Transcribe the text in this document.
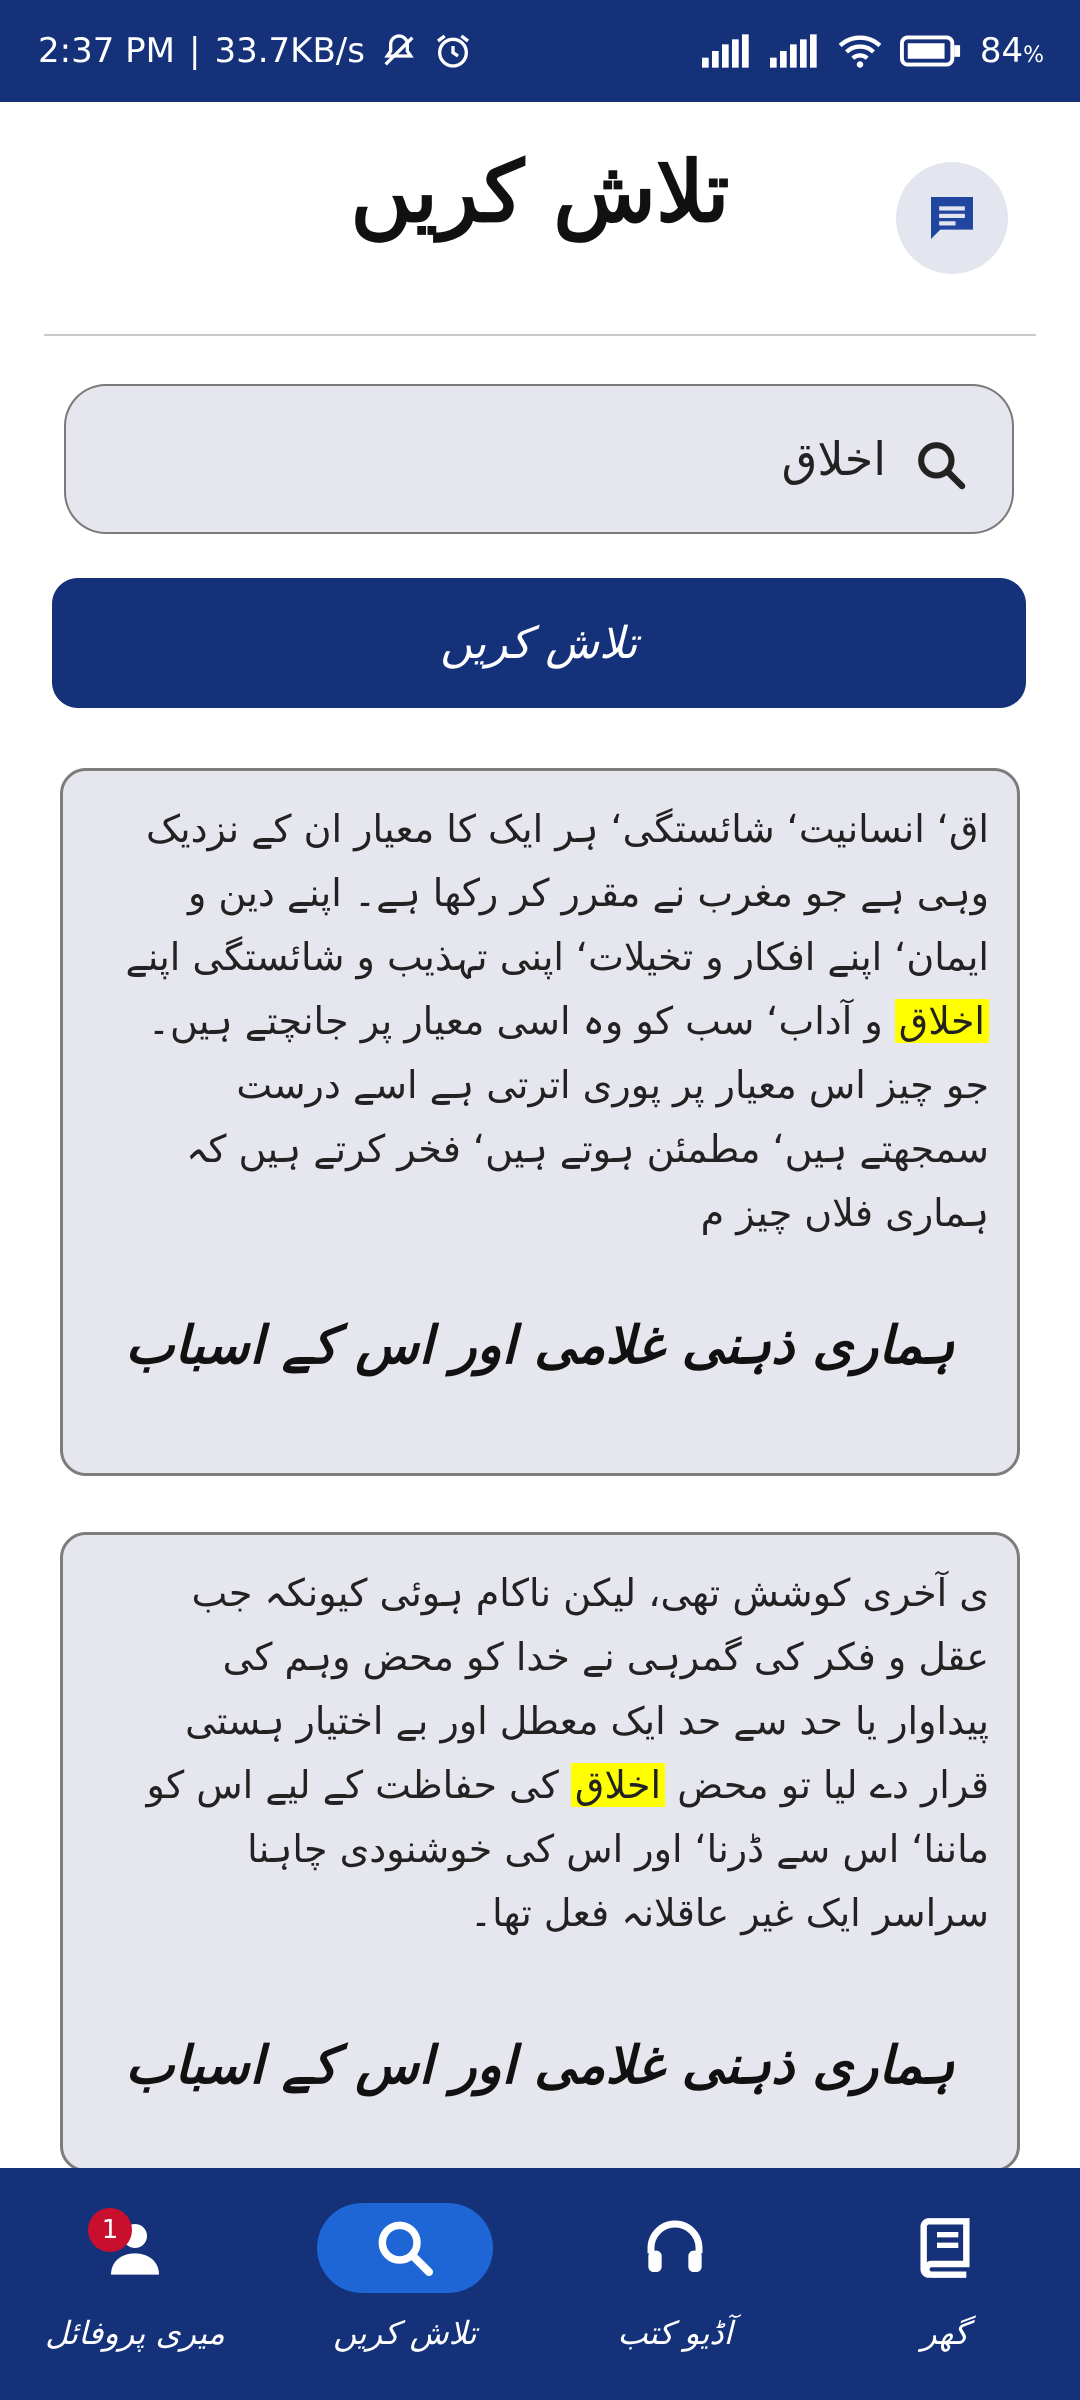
2:37 PM | 33.7KB/s	84%
تلاش کریں
اخلاق
تلاش کریں
اق‘ انسانیت‘ شائستگی‘ ہر ایک کا معیار ان کے نزدیک وہی ہے جو مغرب نے مقرر کر رکھا ہے۔ اپنے دین و ایمان‘ اپنے افکار و تخیلات‘ اپنی تہذیب و شائستگی اپنے اخلاق و آداب‘ سب کو وہ اسی معیار پر جانچتے ہیں۔ جو چیز اس معیار پر پوری اترتی ہے اسے درست سمجھتے ہیں‘ مطمئن ہوتے ہیں‘ فخر کرتے ہیں کہ ہماری فلاں چیز م
ہماری ذہنی غلامی اور اس کے اسباب
ی آخری کوشش تھی، لیکن ناکام ہوئی کیونکہ جب عقل و فکر کی گمرہی نے خدا کو محض وہم کی پیداوار یا حد سے حد ایک معطل اور بے اختیار ہستی قرار دے لیا تو محض اخلاق کی حفاظت کے لیے اس کو ماننا‘ اس سے ڈرنا‘ اور اس کی خوشنودی چاہنا سراسر ایک غیر عاقلانہ فعل تھا۔
ہماری ذہنی غلامی اور اس کے اسباب
1
میری پروفائل	تلاش کریں	آڈیو کتب	گھر
